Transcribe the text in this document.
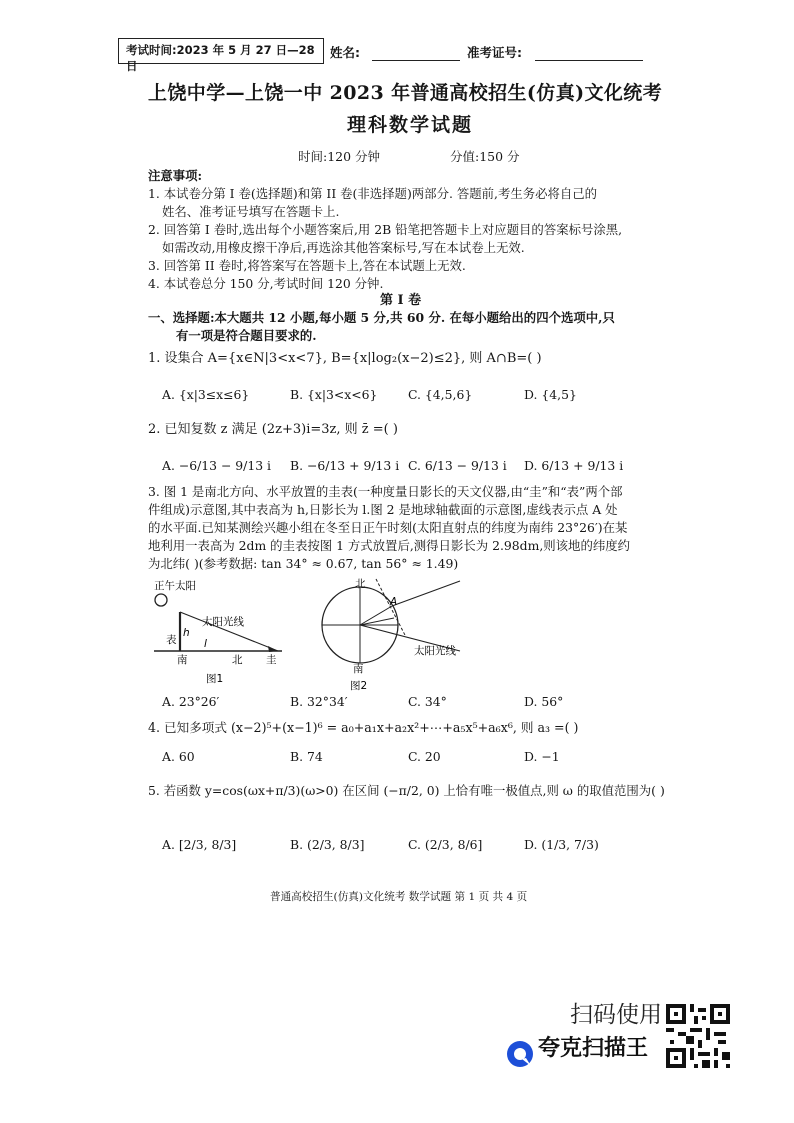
考试时间:2023 年 5 月 27 日—28 日
姓名:	准考证号:
上饶中学—上饶一中 2023 年普通高校招生(仿真)文化统考
理科数学试题
时间:120 分钟	分值:150 分
注意事项:
1. 本试卷分第 I 卷(选择题)和第 II 卷(非选择题)两部分. 答题前,考生务必将自己的
姓名、准考证号填写在答题卡上.
2. 回答第 I 卷时,选出每个小题答案后,用 2B 铅笔把答题卡上对应题目的答案标号涂黑,
如需改动,用橡皮擦干净后,再选涂其他答案标号,写在本试卷上无效.
3. 回答第 II 卷时,将答案写在答题卡上,答在本试题上无效.
4. 本试卷总分 150 分,考试时间 120 分钟.
第 I 卷
一、选择题:本大题共 12 小题,每小题 5 分,共 60 分. 在每小题给出的四个选项中,只
有一项是符合题目要求的.
1. 设集合 A={x∈N|3<x<7}, B={x|log₂(x−2)≤2}, 则 A∩B=( )
A. {x|3≤x≤6}	B. {x|3<x<6} C. {4,5,6}	D. {4,5}
2. 已知复数 z 满足 (2z+3)i=3z, 则 z̄ =( )
A. −6/13 − 9/13 i B. −6/13 + 9/13 i C. 6/13 − 9/13 i D. 6/13 + 9/13 i
3. 图 1 是南北方向、水平放置的圭表(一种度量日影长的天文仪器,由“圭”和“表”两个部
件组成)示意图,其中表高为 h,日影长为 l.图 2 是地球轴截面的示意图,虚线表示点 A 处
的水平面.已知某测绘兴趣小组在冬至日正午时刻(太阳直射点的纬度为南纬 23°26′)在某
地利用一表高为 2dm 的圭表按图 1 方式放置后,测得日影长为 2.98dm,则该地的纬度约
为北纬( )(参考数据: tan 34° ≈ 0.67, tan 56° ≈ 1.49)
正午太阳
太阳光线
表
h
l
南	北 圭
图1
北
南
A
太阳光线
图2
A. 23°26′	B. 32°34′	C. 34°	D. 56°
4. 已知多项式 (x−2)⁵+(x−1)⁶ = a₀+a₁x+a₂x²+⋯+a₅x⁵+a₆x⁶, 则 a₃ =( )
A. 60	B. 74	C. 20	D. −1
5. 若函数 y=cos(ωx+π/3)(ω>0) 在区间 (−π/2, 0) 上恰有唯一极值点,则 ω 的取值范围为( )
A. [2/3, 8/3]	B. (2/3, 8/3]	C. (2/3, 8/6]	D. (1/3, 7/3)
普通高校招生(仿真)文化统考 数学试题 第 1 页 共 4 页
扫码使用
夸克扫描王
